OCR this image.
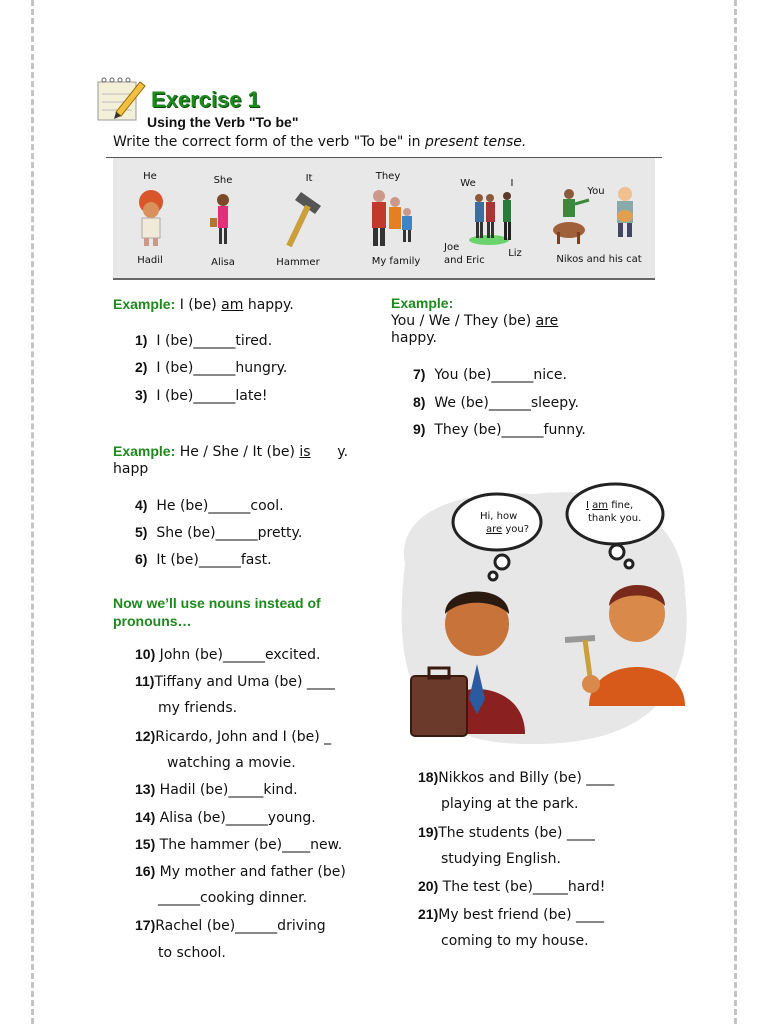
Exercise 1
Using the Verb "To be"
Write the correct form of the verb "To be" in present tense.
He
Hadil
She
Alisa
It
Hammer
They
My family
We	I
Joe
and Eric
Liz
You
Nikos and his cat
Example: I (be) am happy.
1) I (be)______tired.
2) I (be)______hungry.
3) I (be)______late!
Example:
You / We / They (be) are
happy.
7) You (be)______nice.
8) We (be)______sleepy.
9) They (be)______funny.
Example: He / She / It (be) is      y.
happ
4) He (be)______cool.
5) She (be)______pretty.
6) It (be)______fast.
Now we’ll use nouns instead of
pronouns…
10) John (be)______excited.
11)Tiffany and Uma (be) ____
my friends.
12)Ricardo, John and I (be) _
watching a movie.
13) Hadil (be)_____kind.
14) Alisa (be)______young.
15) The hammer (be)____new.
16) My mother and father (be)
______cooking dinner.
17)Rachel (be)______driving
to school.
Hi, how
are you?
I am fine,
thank you.
18)Nikkos and Billy (be) ____
playing at the park.
19)The students (be) ____
studying English.
20) The test (be)_____hard!
21)My best friend (be) ____
coming to my house.
